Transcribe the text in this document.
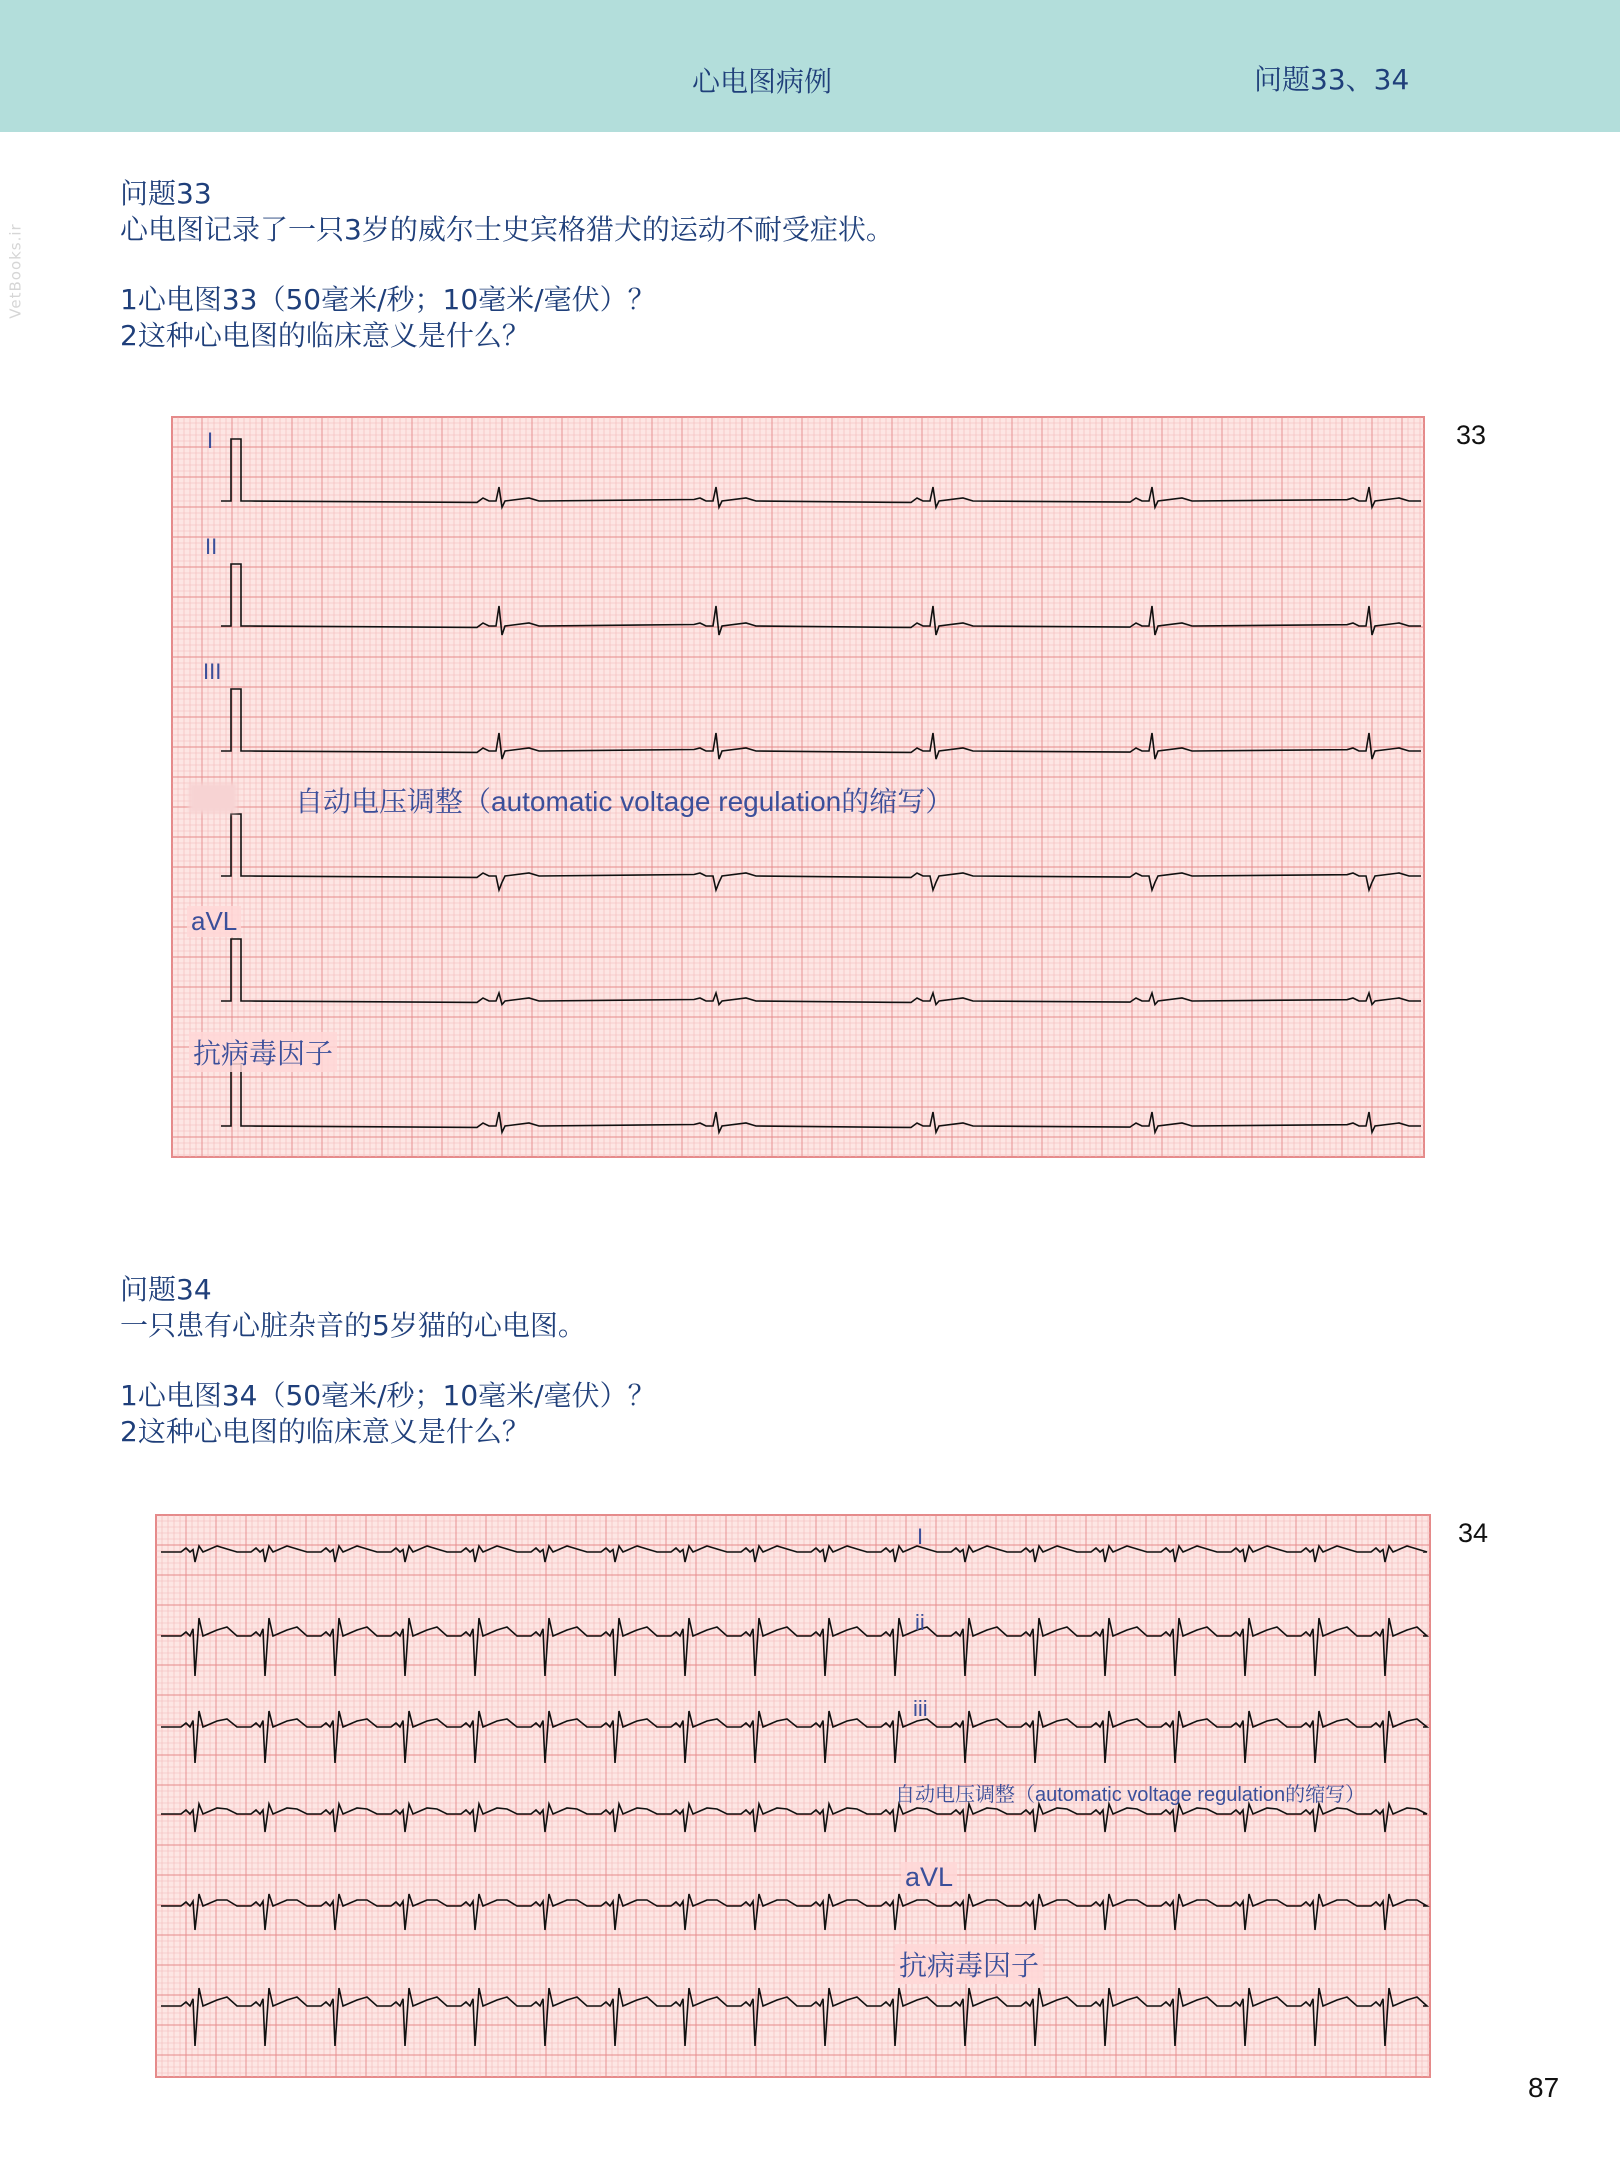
心电图病例	问题33、34
VetBooks.ir
问题33
心电图记录了一只3岁的威尔士史宾格猎犬的运动不耐受症状。
1心电图33（50毫米/秒；10毫米/毫伏）？
2这种心电图的临床意义是什么？
33
I
II
III
自动电压调整（automatic voltage regulation的缩写）
aVL
抗病毒因子
问题34
一只患有心脏杂音的5岁猫的心电图。
1心电图34（50毫米/秒；10毫米/毫伏）？
2这种心电图的临床意义是什么？
34
I
ii
iii
自动电压调整（automatic voltage regulation的缩写）
aVL
抗病毒因子
87
